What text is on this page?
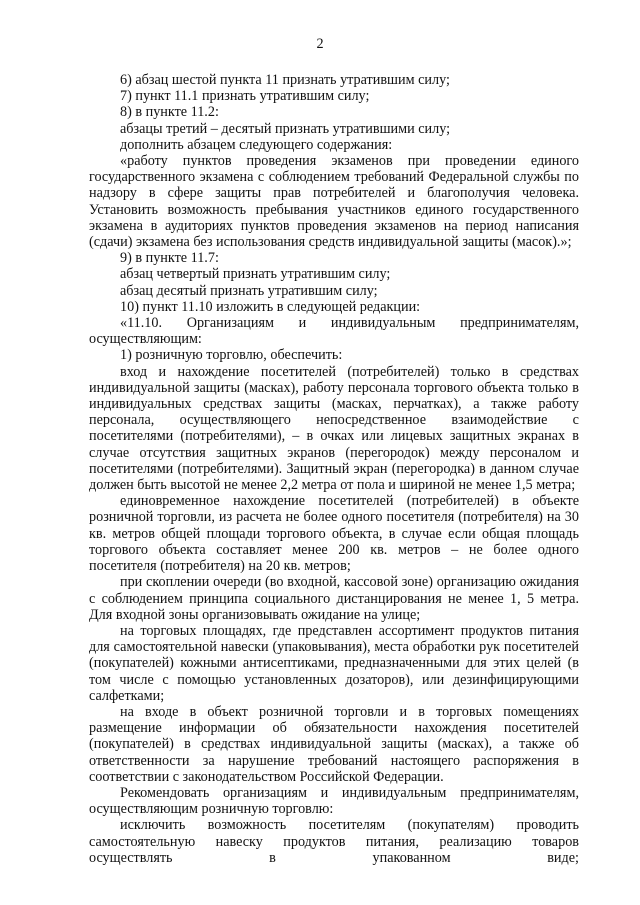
2

6) абзац шестой пункта 11 признать утратившим силу;

7) пункт 11.1 признать утратившим силу;

8) в пункте 11.2:

абзацы третий – десятый признать утратившими силу;

дополнить абзацем следующего содержания:

«работу пунктов проведения экзаменов при проведении единого государственного экзамена с соблюдением требований Федеральной службы по надзору в сфере защиты прав потребителей и благополучия человека. Установить возможность пребывания участников единого государственного экзамена в аудиториях пунктов проведения экзаменов на период написания (сдачи) экзамена без использования средств индивидуальной защиты (масок).»;

9) в пункте 11.7:

абзац четвертый признать утратившим силу;

абзац десятый признать утратившим силу;

10) пункт 11.10 изложить в следующей редакции:

«11.10. Организациям и индивидуальным предпринимателям, осуществляющим:

1) розничную торговлю, обеспечить:

вход и нахождение посетителей (потребителей) только в средствах индивидуальной защиты (масках), работу персонала торгового объекта только в индивидуальных средствах защиты (масках, перчатках), а также работу персонала, осуществляющего непосредственное взаимодействие с посетителями (потребителями), – в очках или лицевых защитных экранах в случае отсутствия защитных экранов (перегородок) между персоналом и посетителями (потребителями). Защитный экран (перегородка) в данном случае должен быть высотой не менее 2,2 метра от пола и шириной не менее 1,5 метра;

единовременное нахождение посетителей (потребителей) в объекте розничной торговли, из расчета не более одного посетителя (потребителя) на 30 кв. метров общей площади торгового объекта, в случае если общая площадь торгового объекта составляет менее 200 кв. метров – не более одного посетителя (потребителя) на 20 кв. метров;

при скоплении очереди (во входной, кассовой зоне) организацию ожидания с соблюдением принципа социального дистанцирования не менее 1, 5 метра. Для входной зоны организовывать ожидание на улице;

на торговых площадях, где представлен ассортимент продуктов питания для самостоятельной навески (упаковывания), места обработки рук посетителей (покупателей) кожными антисептиками, предназначенными для этих целей (в том числе с помощью установленных дозаторов), или дезинфицирующими салфетками;

на входе в объект розничной торговли и в торговых помещениях размещение информации об обязательности нахождения посетителей (покупателей) в средствах индивидуальной защиты (масках), а также об ответственности за нарушение требований настоящего распоряжения в соответствии с законодательством Российской Федерации.

Рекомендовать организациям и индивидуальным предпринимателям, осуществляющим розничную торговлю:

исключить возможность посетителям (покупателям) проводить самостоятельную навеску продуктов питания, реализацию товаров осуществлять в упакованном виде;
